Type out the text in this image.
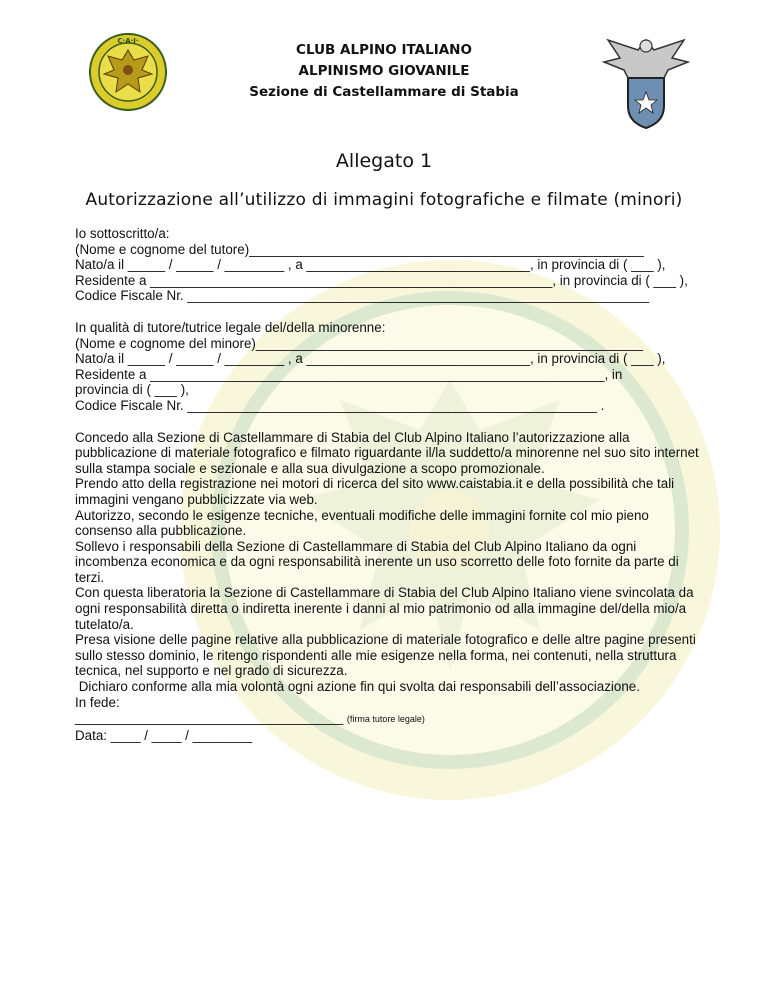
C·A·I·
CLUB ALPINO ITALIANO
ALPINISMO GIOVANILE
Sezione di Castellammare di Stabia
Allegato 1
Autorizzazione all’utilizzo di immagini fotografiche e filmate (minori)

Io sottoscritto/a:

(Nome e cognome del tutore)_____________________________________________________

Nato/a il _____ / _____ / ________ , a ______________________________, in provincia di ( ___ ),

Residente a ______________________________________________________, in provincia di ( ___ ),

Codice Fiscale Nr. ______________________________________________________________

In qualità di tutore/tutrice legale del/della minorenne:

(Nome e cognome del minore)____________________________________________________

Nato/a il _____ / _____ / ________ , a ______________________________, in provincia di ( ___ ),

Residente a _____________________________________________________________, in

provincia di ( ___ ),

Codice Fiscale Nr. _______________________________________________________ .

Concedo alla Sezione di Castellammare di Stabia del Club Alpino Italiano l’autorizzazione alla pubblicazione di materiale fotografico e filmato riguardante il/la suddetto/a minorenne nel suo sito internet sulla stampa sociale e sezionale e alla sua divulgazione a scopo promozionale.

Prendo atto della registrazione nei motori di ricerca del sito www.caistabia.it e della possibilità che tali immagini vengano pubblicizzate via web.

Autorizzo, secondo le esigenze tecniche, eventuali modifiche delle immagini fornite col mio pieno consenso alla pubblicazione.

Sollevo i responsabili della Sezione di Castellammare di Stabia del Club Alpino Italiano da ogni incombenza economica e da ogni responsabilità inerente un uso scorretto delle foto fornite da parte di terzi.

Con questa liberatoria la Sezione di Castellammare di Stabia del Club Alpino Italiano viene svincolata da ogni responsabilità diretta o indiretta inerente i danni al mio patrimonio od alla immagine del/della mio/a tutelato/a.

Presa visione delle pagine relative alla pubblicazione di materiale fotografico e delle altre pagine presenti sullo stesso dominio, le ritengo rispondenti alle mie esigenze nella forma, nei contenuti, nella struttura tecnica, nel supporto e nel grado di sicurezza.

Dichiaro conforme alla mia volontà ogni azione fin qui svolta dai responsabili dell’associazione.

In fede:

____________________________________ (firma tutore legale)

Data: ____ / ____ / ________
